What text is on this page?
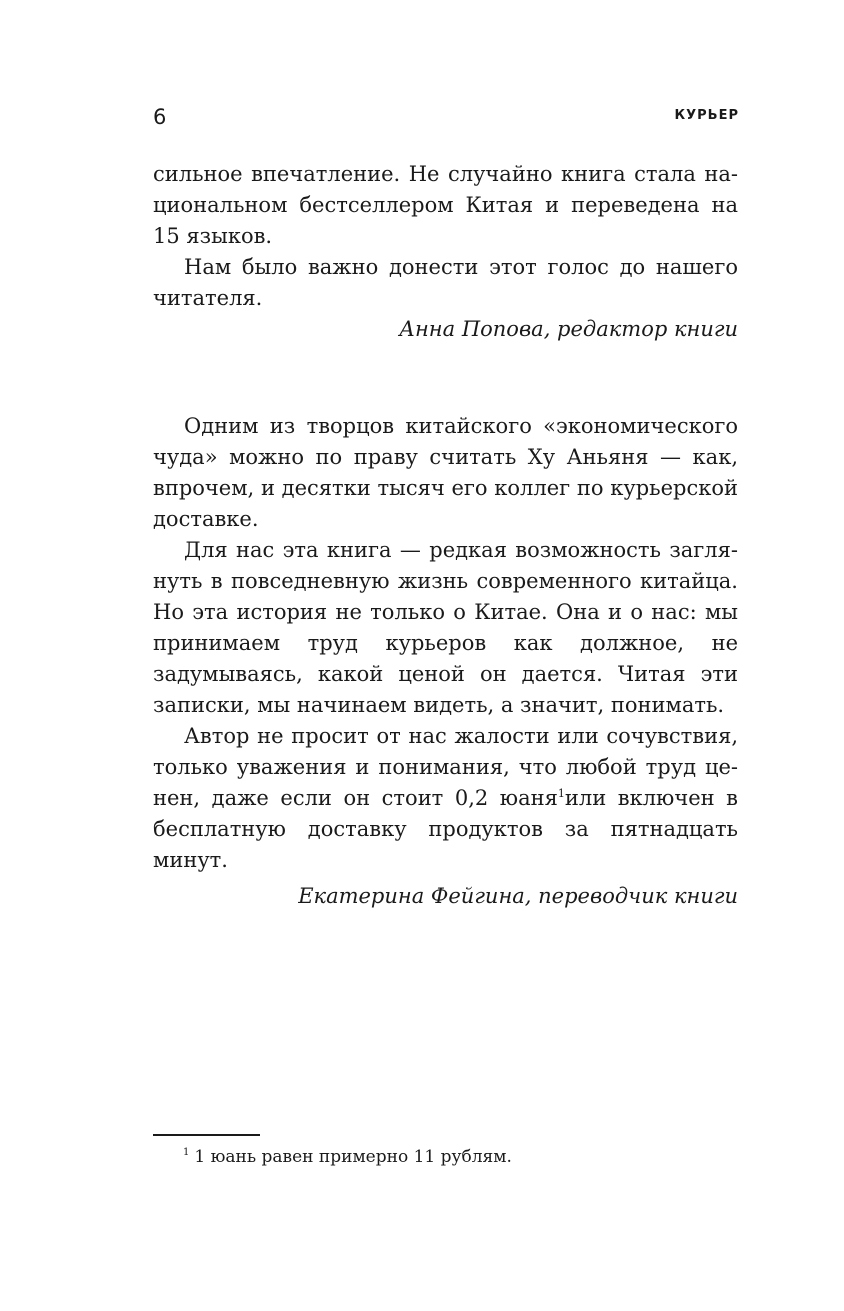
6	КУРЬЕР

сильное впечатление. Не случайно книга стала национальном бестселлером Китая и переведена на 15 языков.

Нам было важно донести этот голос до нашего читателя.

Анна Попова, редактор книги

Одним из творцов китайского «экономического чуда» можно по праву считать Ху Аньяня — как, впрочем, и десятки тысяч его коллег по курьерской доставке.

Для нас эта книга — редкая возможность заглянуть в повседневную жизнь современного китайца. Но эта история не только о Китае. Она и о нас: мы принимаем труд курьеров как должное, не задумываясь, какой ценой он дается. Читая эти записки, мы начинаем видеть, а значит, понимать.

Автор не просит от нас жалости или сочувствия, только уважения и понимания, что любой труд ценен, даже если он стоит 0,2 юаня$^1$или включен в бесплатную доставку продуктов за пятнадцать минут.

Екатерина Фейгина, переводчик книги

$^1$ 1 юань равен примерно 11 рублям.
